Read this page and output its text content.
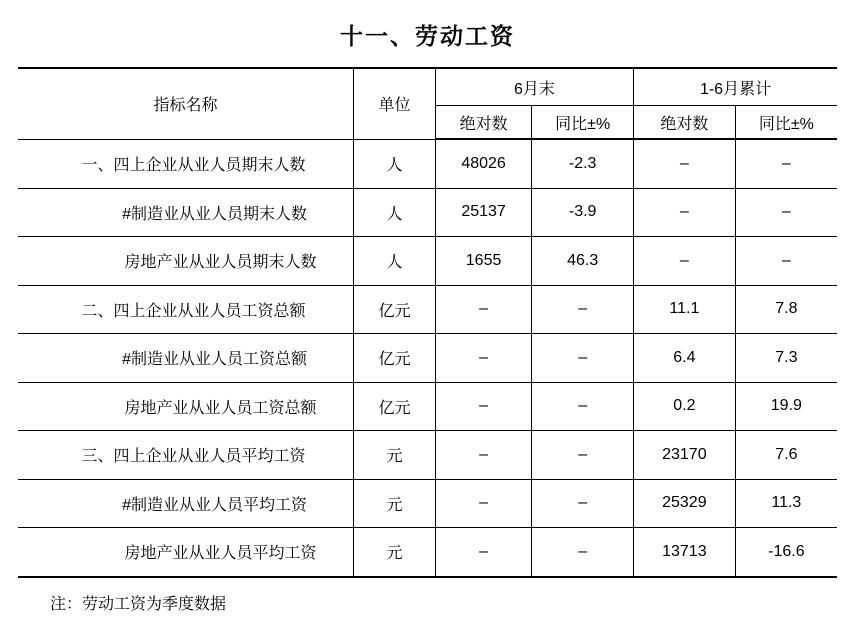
十一、劳动工资
指标名称	单位	6月末		1-6月累计	
		绝对数	同比±%	绝对数	同比±%
一、四上企业从业人员期末人数	人	48026	-2.3	–	–
#制造业从业人员期末人数	人	25137	-3.9	–	–
房地产业从业人员期末人数	人	1655	46.3	–	–
二、四上企业从业人员工资总额	亿元	–	–	11.1	7.8
#制造业从业人员工资总额	亿元	–	–	6.4	7.3
房地产业从业人员工资总额	亿元	–	–	0.2	19.9
三、四上企业从业人员平均工资	元	–	–	23170	7.6
#制造业从业人员平均工资	元	–	–	25329	11.3
房地产业从业人员平均工资	元	–	–	13713	-16.6
注：劳动工资为季度数据
